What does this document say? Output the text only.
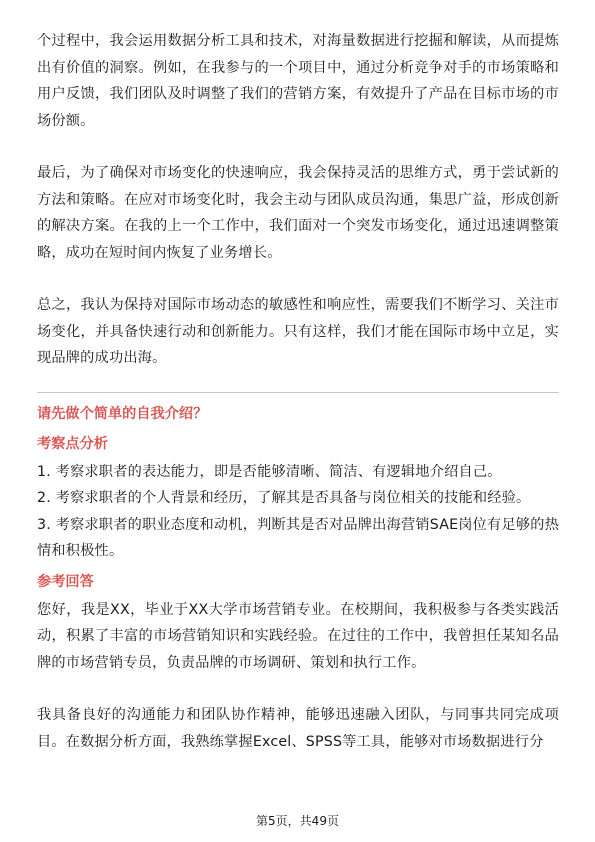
个过程中，我会运用数据分析工具和技术，对海量数据进行挖掘和解读，从而提炼出有价值的洞察。例如，在我参与的一个项目中，通过分析竞争对手的市场策略和用户反馈，我们团队及时调整了我们的营销方案，有效提升了产品在目标市场的市场份额。

最后，为了确保对市场变化的快速响应，我会保持灵活的思维方式，勇于尝试新的方法和策略。在应对市场变化时，我会主动与团队成员沟通，集思广益，形成创新的解决方案。在我的上一个工作中，我们面对一个突发市场变化，通过迅速调整策略，成功在短时间内恢复了业务增长。

总之，我认为保持对国际市场动态的敏感性和响应性，需要我们不断学习、关注市场变化，并具备快速行动和创新能力。只有这样，我们才能在国际市场中立足，实现品牌的成功出海。

请先做个简单的自我介绍？

考察点分析

1. 考察求职者的表达能力，即是否能够清晰、简洁、有逻辑地介绍自己。

2. 考察求职者的个人背景和经历，了解其是否具备与岗位相关的技能和经验。

3. 考察求职者的职业态度和动机，判断其是否对品牌出海营销SAE岗位有足够的热情和积极性。

参考回答

您好，我是XX，毕业于XX大学市场营销专业。在校期间，我积极参与各类实践活动，积累了丰富的市场营销知识和实践经验。在过往的工作中，我曾担任某知名品牌的市场营销专员，负责品牌的市场调研、策划和执行工作。

我具备良好的沟通能力和团队协作精神，能够迅速融入团队，与同事共同完成项目。在数据分析方面，我熟练掌握Excel、SPSS等工具，能够对市场数据进行分

第5页，共49页
